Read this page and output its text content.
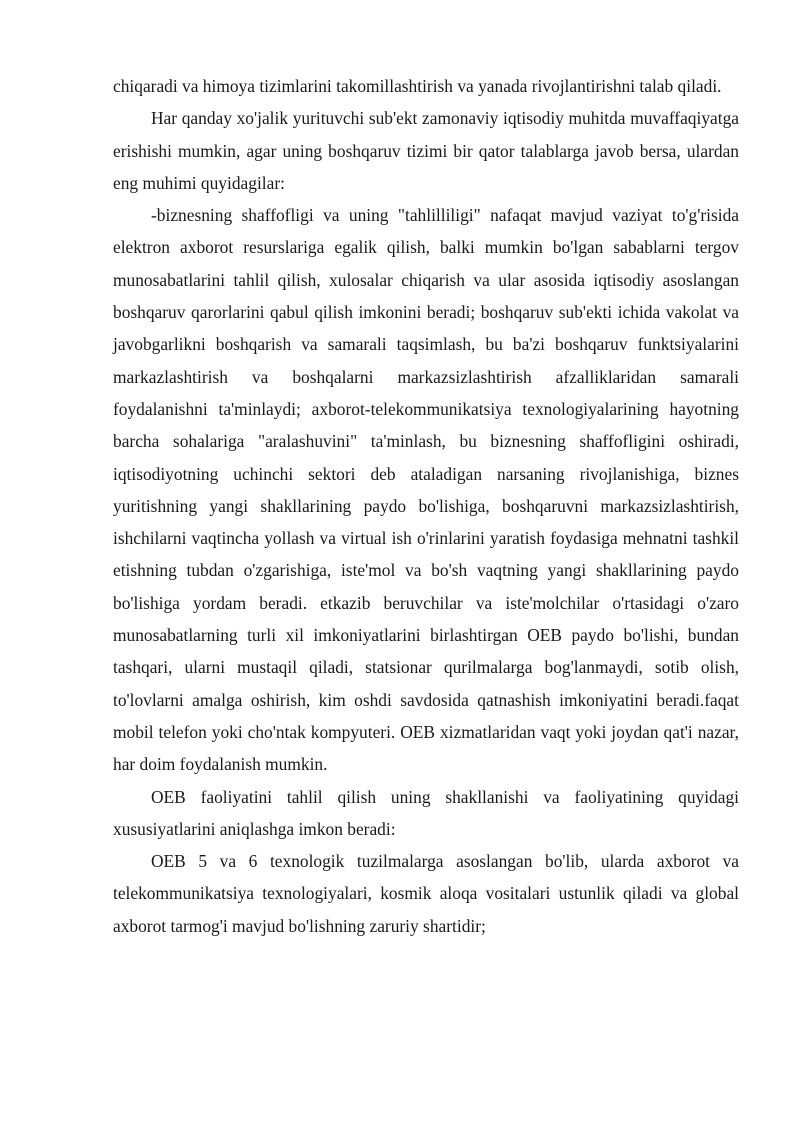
chiqaradi va himoya tizimlarini takomillashtirish va yanada rivojlantirishni talab qiladi.

Har qanday xo'jalik yurituvchi sub'ekt zamonaviy iqtisodiy muhitda muvaffaqiyatga erishishi mumkin, agar uning boshqaruv tizimi bir qator talablarga javob bersa, ulardan eng muhimi quyidagilar:

-biznesning shaffofligi va uning "tahlilliligi" nafaqat mavjud vaziyat to'g'risida elektron axborot resurslariga egalik qilish, balki mumkin bo'lgan sabablarni tergov munosabatlarini tahlil qilish, xulosalar chiqarish va ular asosida iqtisodiy asoslangan boshqaruv qarorlarini qabul qilish imkonini beradi; boshqaruv sub'ekti ichida vakolat va javobgarlikni boshqarish va samarali taqsimlash, bu ba'zi boshqaruv funktsiyalarini markazlashtirish va boshqalarni markazsizlashtirish afzalliklaridan samarali foydalanishni ta'minlaydi; axborot-telekommunikatsiya texnologiyalarining hayotning barcha sohalariga "aralashuvini" ta'minlash, bu biznesning shaffofligini oshiradi, iqtisodiyotning uchinchi sektori deb ataladigan narsaning rivojlanishiga, biznes yuritishning yangi shakllarining paydo bo'lishiga, boshqaruvni markazsizlashtirish, ishchilarni vaqtincha yollash va virtual ish o'rinlarini yaratish foydasiga mehnatni tashkil etishning tubdan o'zgarishiga, iste'mol va bo'sh vaqtning yangi shakllarining paydo bo'lishiga yordam beradi. etkazib beruvchilar va iste'molchilar o'rtasidagi o'zaro munosabatlarning turli xil imkoniyatlarini birlashtirgan OEB paydo bo'lishi, bundan tashqari, ularni mustaqil qiladi, statsionar qurilmalarga bog'lanmaydi, sotib olish, to'lovlarni amalga oshirish, kim oshdi savdosida qatnashish imkoniyatini beradi.faqat mobil telefon yoki cho'ntak kompyuteri. OEB xizmatlaridan vaqt yoki joydan qat'i nazar, har doim foydalanish mumkin.

OEB faoliyatini tahlil qilish uning shakllanishi va faoliyatining quyidagi xususiyatlarini aniqlashga imkon beradi:

OEB 5 va 6 texnologik tuzilmalarga asoslangan bo'lib, ularda axborot va telekommunikatsiya texnologiyalari, kosmik aloqa vositalari ustunlik qiladi va global axborot tarmog'i mavjud bo'lishning zaruriy shartidir;
